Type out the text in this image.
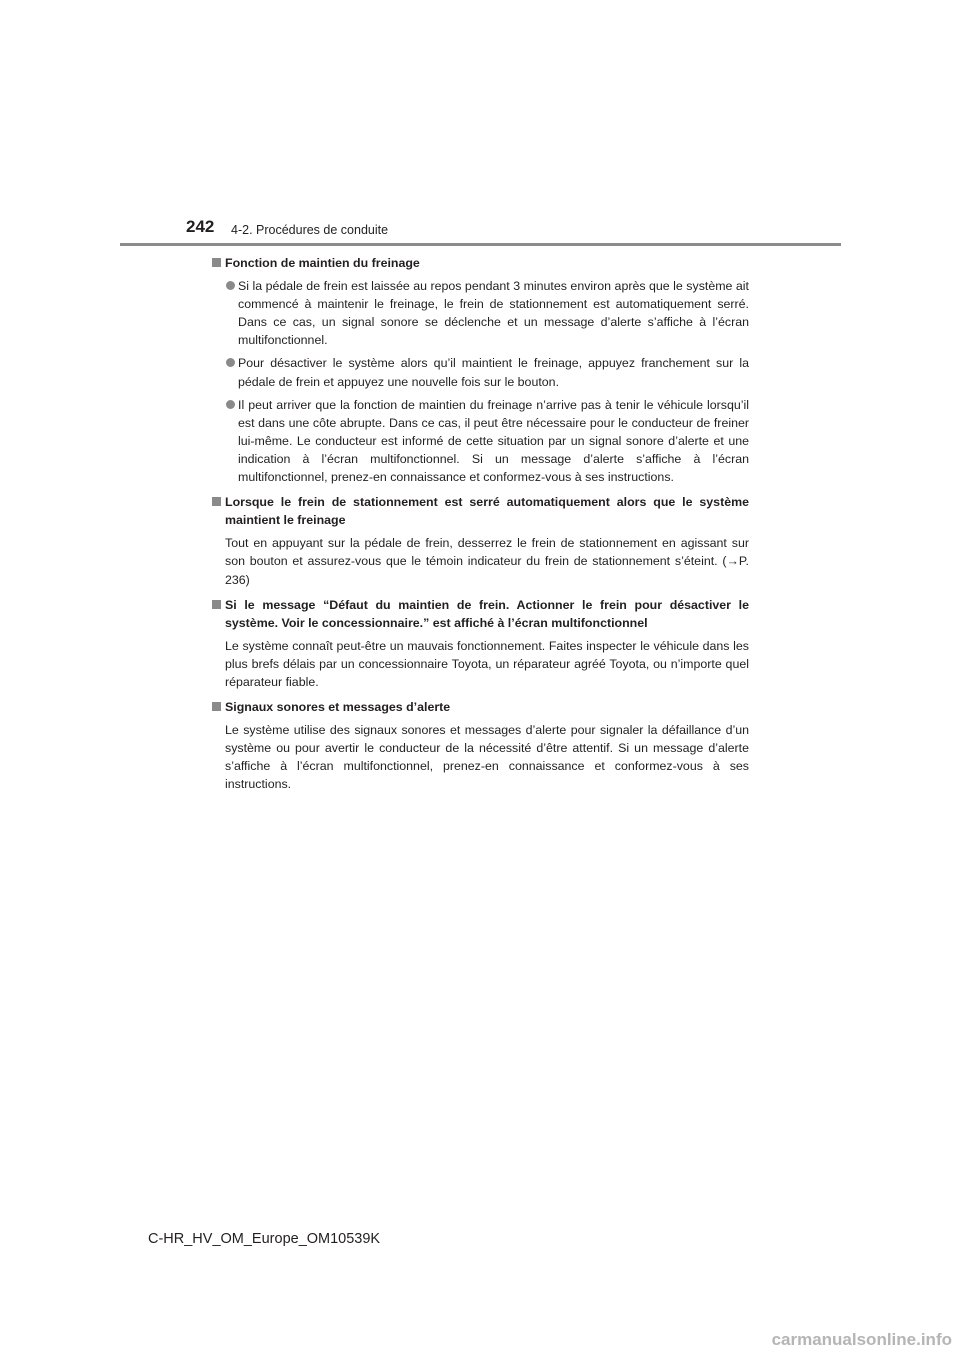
242 4-2. Procédures de conduite
Fonction de maintien du freinage
Si la pédale de frein est laissée au repos pendant 3 minutes environ après que le système ait commencé à maintenir le freinage, le frein de stationnement est automatiquement serré. Dans ce cas, un signal sonore se déclenche et un message d’alerte s’affiche à l’écran multifonctionnel.
Pour désactiver le système alors qu’il maintient le freinage, appuyez franchement sur la pédale de frein et appuyez une nouvelle fois sur le bouton.
Il peut arriver que la fonction de maintien du freinage n’arrive pas à tenir le véhicule lorsqu’il est dans une côte abrupte. Dans ce cas, il peut être nécessaire pour le conducteur de freiner lui-même. Le conducteur est informé de cette situation par un signal sonore d’alerte et une indication à l’écran multifonctionnel. Si un message d’alerte s’affiche à l’écran multifonctionnel, prenez-en connaissance et conformez-vous à ses instructions.
Lorsque le frein de stationnement est serré automatiquement alors que le système maintient le freinage
Tout en appuyant sur la pédale de frein, desserrez le frein de stationnement en agissant sur son bouton et assurez-vous que le témoin indicateur du frein de stationnement s’éteint. (→P. 236)
Si le message “Défaut du maintien de frein. Actionner le frein pour désactiver le système. Voir le concessionnaire.” est affiché à l’écran multifonctionnel
Le système connaît peut-être un mauvais fonctionnement. Faites inspecter le véhicule dans les plus brefs délais par un concessionnaire Toyota, un réparateur agréé Toyota, ou n’importe quel réparateur fiable.
Signaux sonores et messages d’alerte
Le système utilise des signaux sonores et messages d’alerte pour signaler la défaillance d’un système ou pour avertir le conducteur de la nécessité d’être attentif. Si un message d’alerte s’affiche à l’écran multifonctionnel, prenez-en connaissance et conformez-vous à ses instructions.
C-HR_HV_OM_Europe_OM10539K
carmanualsonline.info
